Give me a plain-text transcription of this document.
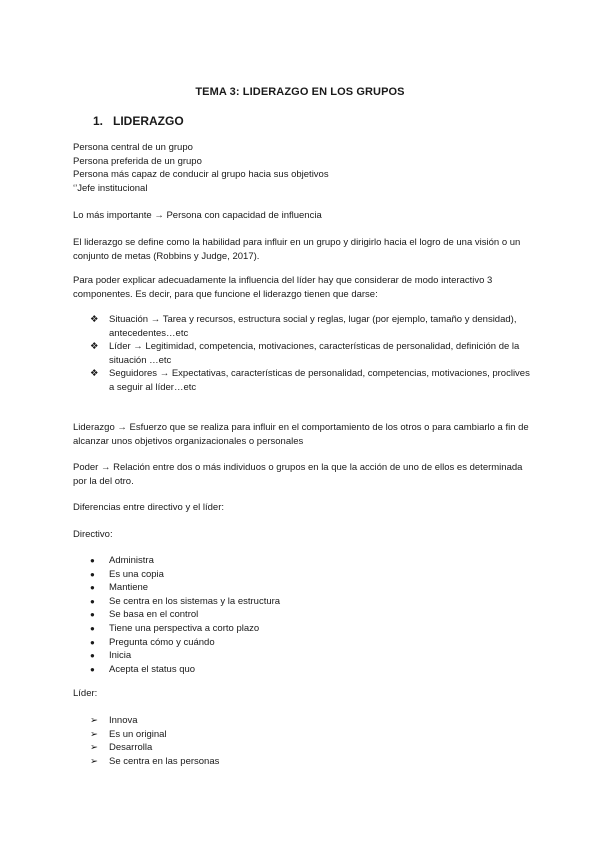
TEMA 3: LIDERAZGO EN LOS GRUPOS
1. LIDERAZGO

Persona central de un grupo

Persona preferida de un grupo

Persona más capaz de conducir al grupo hacia sus objetivos

‘’Jefe institucional

Lo más importante → Persona con capacidad de influencia

El liderazgo se define como la habilidad para influir en un grupo y dirigirlo hacia el logro de una visión o un conjunto de metas (Robbins y Judge, 2017).

Para poder explicar adecuadamente la influencia del líder hay que considerar de modo interactivo 3 componentes. Es decir, para que funcione el liderazgo tienen que darse:

❖ Situación → Tarea y recursos, estructura social y reglas, lugar (por ejemplo, tamaño y densidad), antecedentes…etc
❖ Líder → Legitimidad, competencia, motivaciones, características de personalidad, definición de la situación …etc
❖ Seguidores → Expectativas, características de personalidad, competencias, motivaciones, proclives a seguir al líder…etc

Liderazgo → Esfuerzo que se realiza para influir en el comportamiento de los otros o para cambiarlo a fin de alcanzar unos objetivos organizacionales o personales

Poder → Relación entre dos o más individuos o grupos en la que la acción de uno de ellos es determinada por la del otro.

Diferencias entre directivo y el líder:

Directivo:

● Administra
● Es una copia
● Mantiene
● Se centra en los sistemas y la estructura
● Se basa en el control
● Tiene una perspectiva a corto plazo
● Pregunta cómo y cuándo
● Inicia
● Acepta el status quo

Líder:

➢ Innova
➢ Es un original
➢ Desarrolla
➢ Se centra en las personas
